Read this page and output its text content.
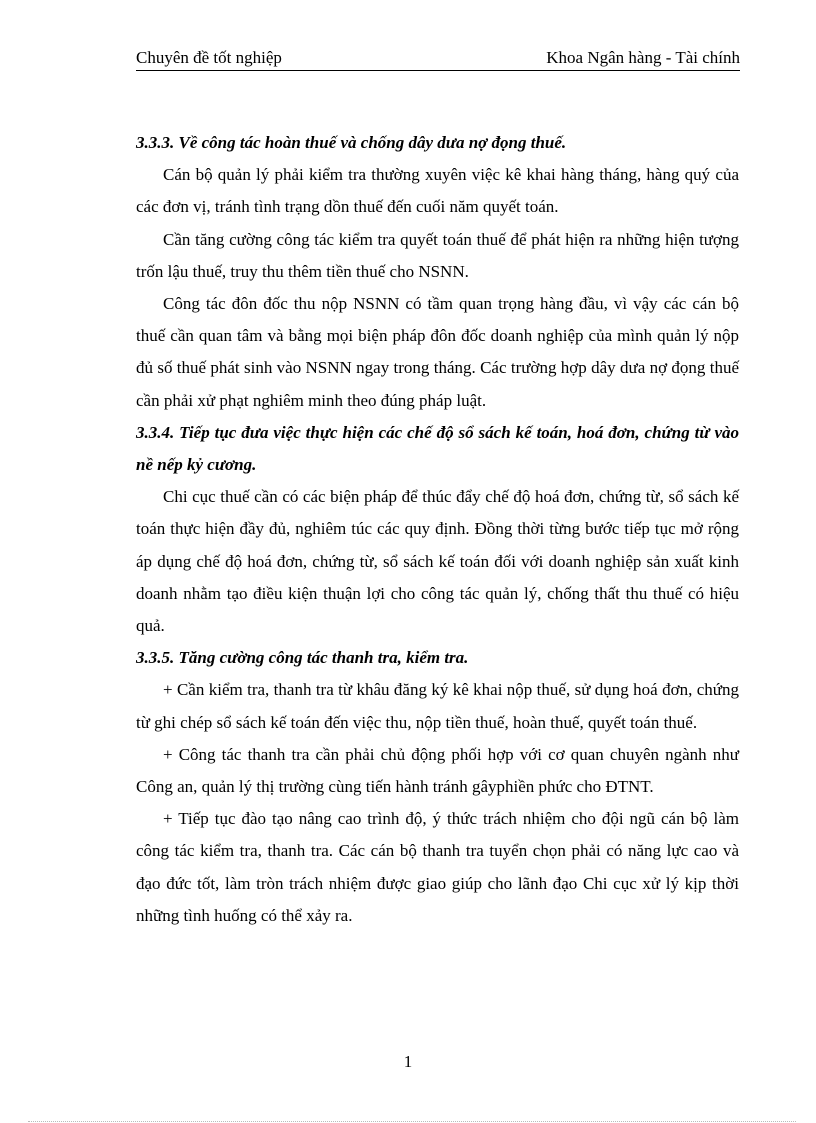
Chuyên đề tốt nghiệp	Khoa Ngân hàng - Tài chính
3.3.3. Về công tác hoàn thuế và chống dây dưa nợ đọng thuế.

Cán bộ quản lý phải kiểm tra thường xuyên việc kê khai hàng tháng, hàng quý của các đơn vị, tránh tình trạng dồn thuế đến cuối năm quyết toán.

Cần tăng cường công tác kiểm tra quyết toán thuế để phát hiện ra những hiện tượng trốn lậu thuế, truy thu thêm tiền thuế cho NSNN.

Công tác đôn đốc thu nộp NSNN có tầm quan trọng hàng đầu, vì vậy các cán bộ thuế cần quan tâm và bằng mọi biện pháp đôn đốc doanh nghiệp của mình quản lý nộp đủ số thuế phát sinh vào NSNN ngay trong tháng. Các trường hợp dây dưa nợ đọng thuế cần phải xử phạt nghiêm minh theo đúng pháp luật.

3.3.4. Tiếp tục đưa việc thực hiện các chế độ sổ sách kế toán, hoá đơn, chứng từ vào nề nếp kỷ cương.

Chi cục thuế cần có các biện pháp để thúc đẩy chế độ hoá đơn, chứng từ, sổ sách kế toán thực hiện đầy đủ, nghiêm túc các quy định. Đồng thời từng bước tiếp tục mở rộng áp dụng chế độ hoá đơn, chứng từ, sổ sách kế toán đối với doanh nghiệp sản xuất kinh doanh nhằm tạo điều kiện thuận lợi cho công tác quản lý, chống thất thu thuế có hiệu quả.

3.3.5. Tăng cường công tác thanh tra, kiểm tra.

+ Cần kiểm tra, thanh tra từ khâu đăng ký kê khai nộp thuế, sử dụng hoá đơn, chứng từ ghi chép sổ sách kế toán đến việc thu, nộp tiền thuế, hoàn thuế, quyết toán thuế.

+ Công tác thanh tra cần phải chủ động phối hợp với cơ quan chuyên ngành như Công an, quản lý thị trường cùng tiến hành tránh gâyphiền phức cho ĐTNT.

+ Tiếp tục đào tạo nâng cao trình độ, ý thức trách nhiệm cho đội ngũ cán bộ làm công tác kiểm tra, thanh tra. Các cán bộ thanh tra tuyển chọn phải có năng lực cao và đạo đức tốt, làm tròn trách nhiệm được giao giúp cho lãnh đạo Chi cục xử lý kịp thời những tình huống có thể xảy ra.

1
